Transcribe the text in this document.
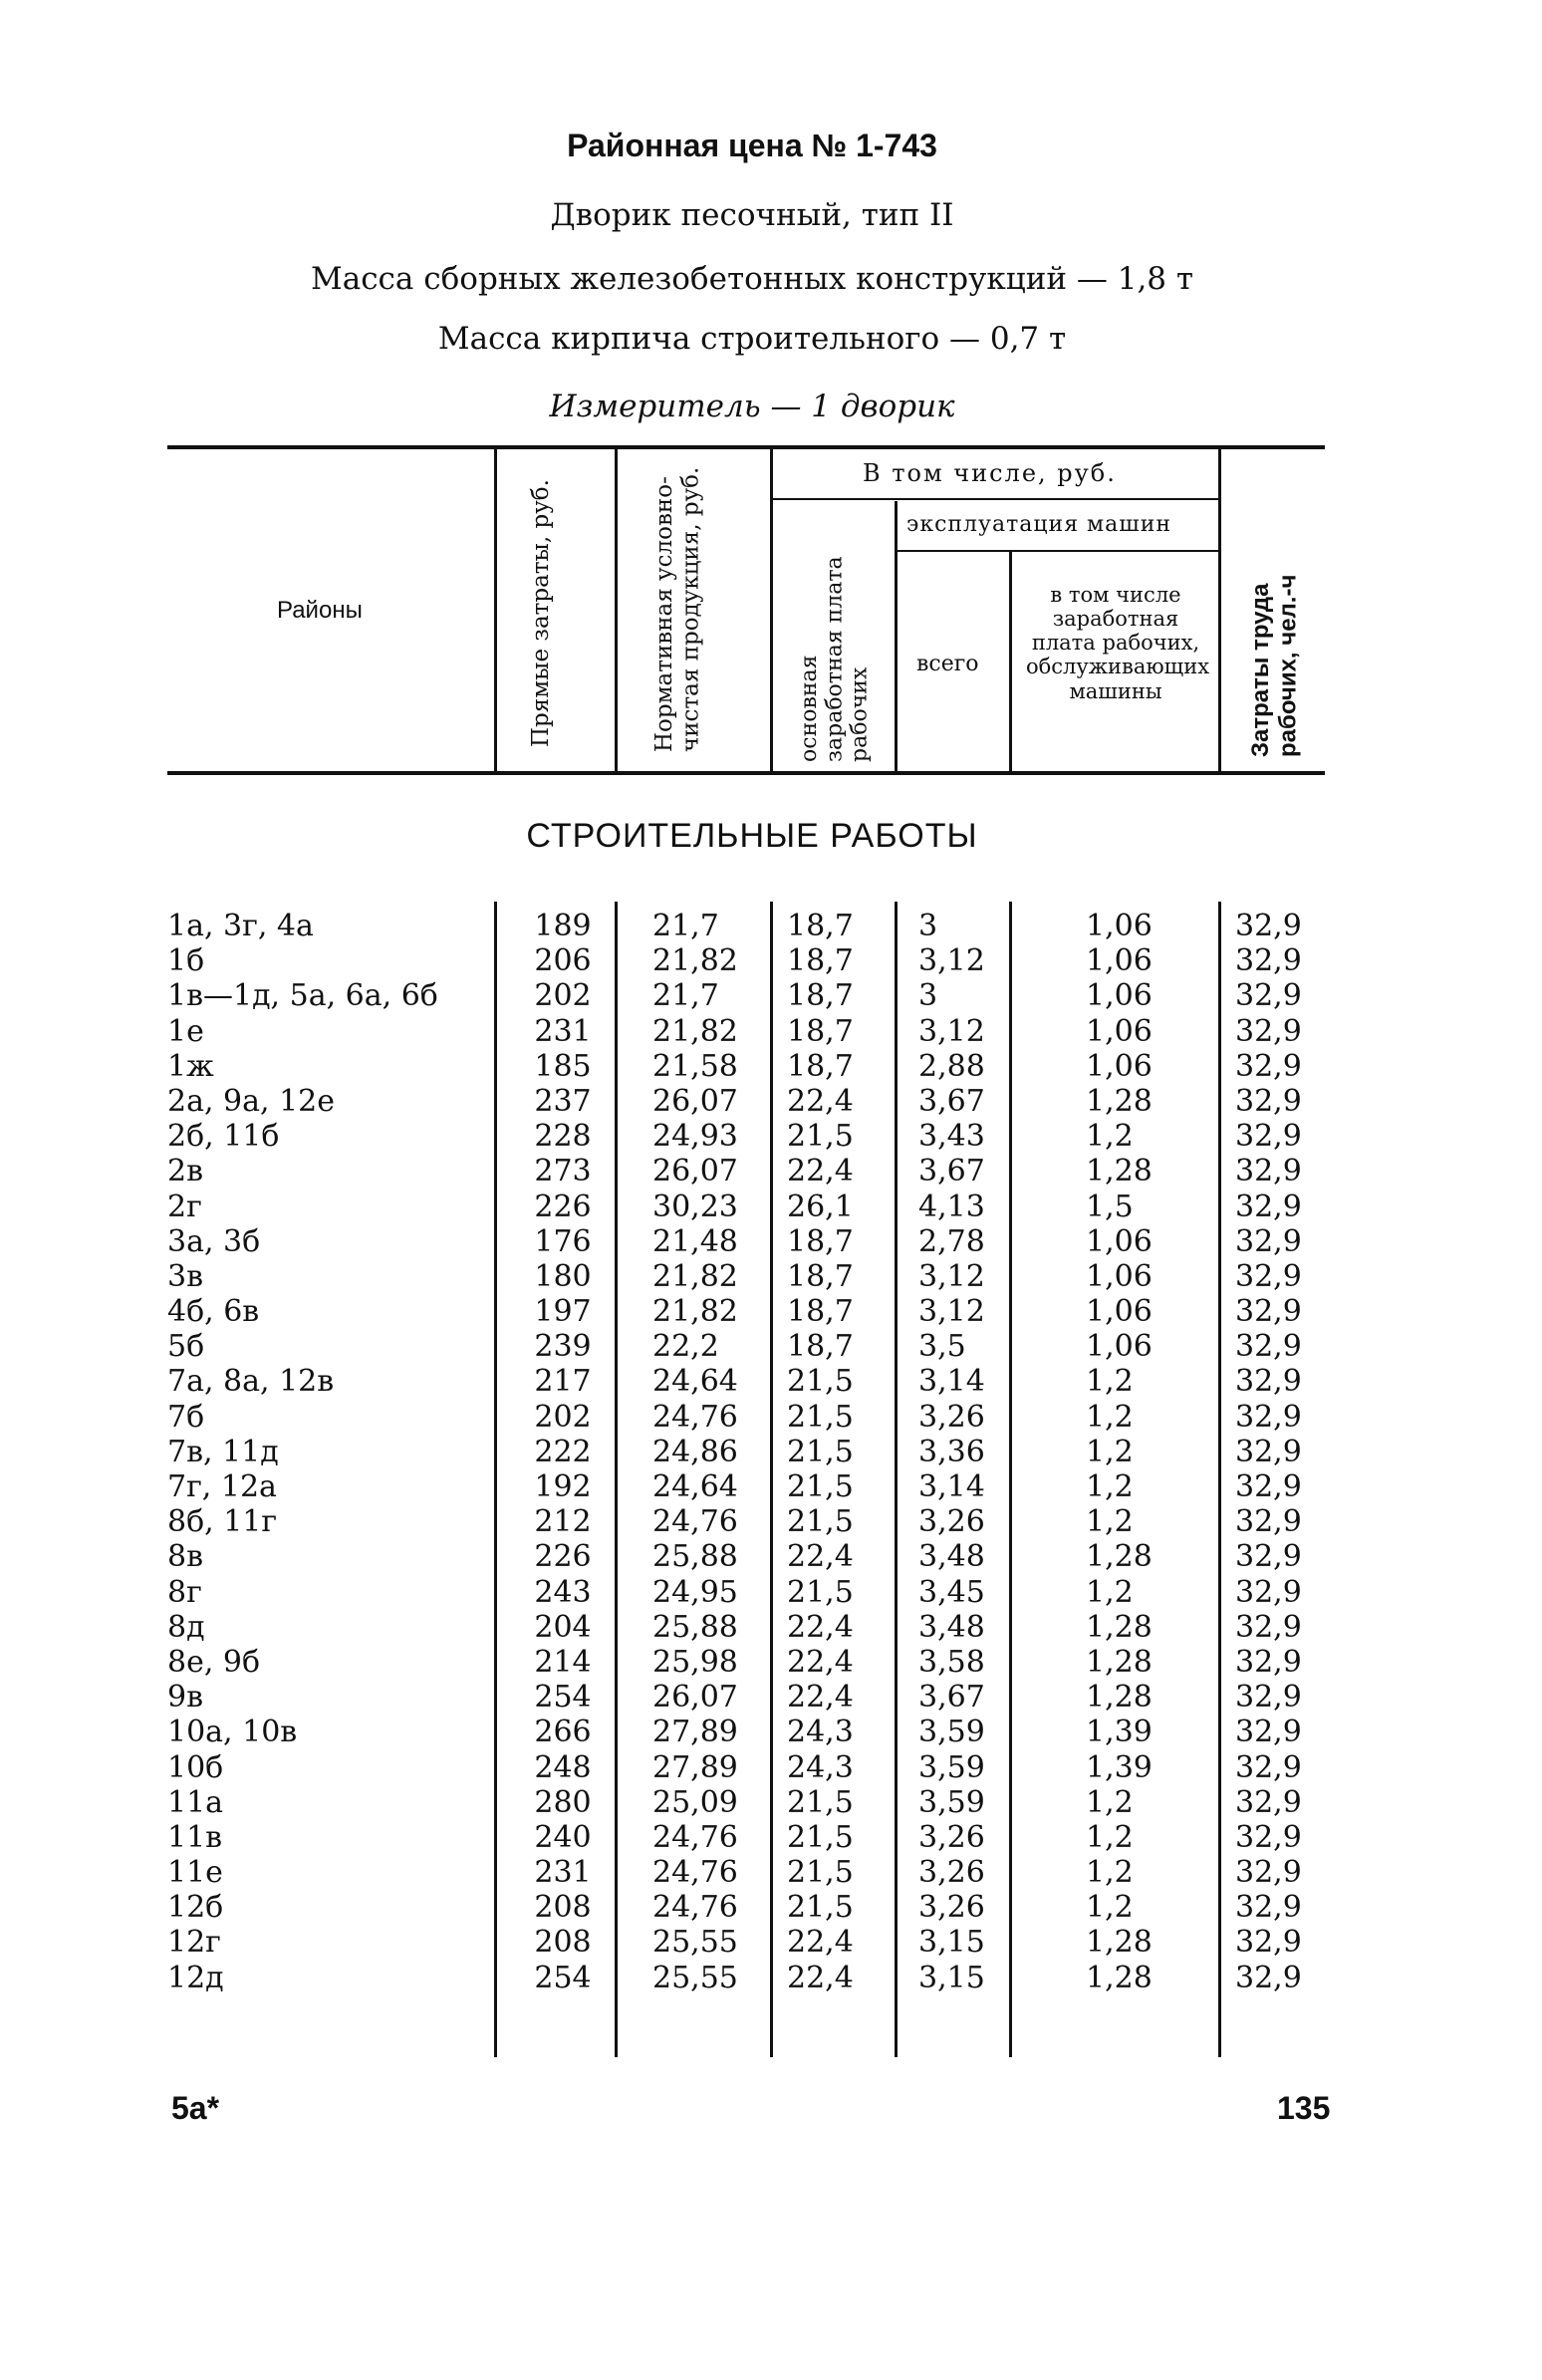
Районная цена № 1-743
Дворик песочный, тип II
Масса сборных железобетонных конструкций — 1,8 т
Масса кирпича строительного — 0,7 т
Измеритель — 1 дворик
Районы	Прямые затраты, руб.	Нормативная условно-чистая продукция, руб.	В том числе, руб.
основная заработная плата рабочих
эксплуатация машин
всего
в том числе заработная плата рабочих, обслуживающих машины	Затраты труда рабочих, чел.-ч
СТРОИТЕЛЬНЫЕ РАБОТЫ
1а, 3г, 4а	189	21,7	18,7	3	1,06	32,9
1б	206	21,82	18,7	3,12	1,06	32,9
1в—1д, 5а, 6а, 6б	202	21,7	18,7	3	1,06	32,9
1е	231	21,82	18,7	3,12	1,06	32,9
1ж	185	21,58	18,7	2,88	1,06	32,9
2а, 9а, 12е	237	26,07	22,4	3,67	1,28	32,9
2б, 11б	228	24,93	21,5	3,43	1,2	32,9
2в	273	26,07	22,4	3,67	1,28	32,9
2г	226	30,23	26,1	4,13	1,5	32,9
3а, 3б	176	21,48	18,7	2,78	1,06	32,9
3в	180	21,82	18,7	3,12	1,06	32,9
4б, 6в	197	21,82	18,7	3,12	1,06	32,9
5б	239	22,2	18,7	3,5	1,06	32,9
7а, 8а, 12в	217	24,64	21,5	3,14	1,2	32,9
7б	202	24,76	21,5	3,26	1,2	32,9
7в, 11д	222	24,86	21,5	3,36	1,2	32,9
7г, 12а	192	24,64	21,5	3,14	1,2	32,9
8б, 11г	212	24,76	21,5	3,26	1,2	32,9
8в	226	25,88	22,4	3,48	1,28	32,9
8г	243	24,95	21,5	3,45	1,2	32,9
8д	204	25,88	22,4	3,48	1,28	32,9
8е, 9б	214	25,98	22,4	3,58	1,28	32,9
9в	254	26,07	22,4	3,67	1,28	32,9
10а, 10в	266	27,89	24,3	3,59	1,39	32,9
10б	248	27,89	24,3	3,59	1,39	32,9
11а	280	25,09	21,5	3,59	1,2	32,9
11в	240	24,76	21,5	3,26	1,2	32,9
11е	231	24,76	21,5	3,26	1,2	32,9
12б	208	24,76	21,5	3,26	1,2	32,9
12г	208	25,55	22,4	3,15	1,28	32,9
12д	254	25,55	22,4	3,15	1,28	32,9
5а*	135
